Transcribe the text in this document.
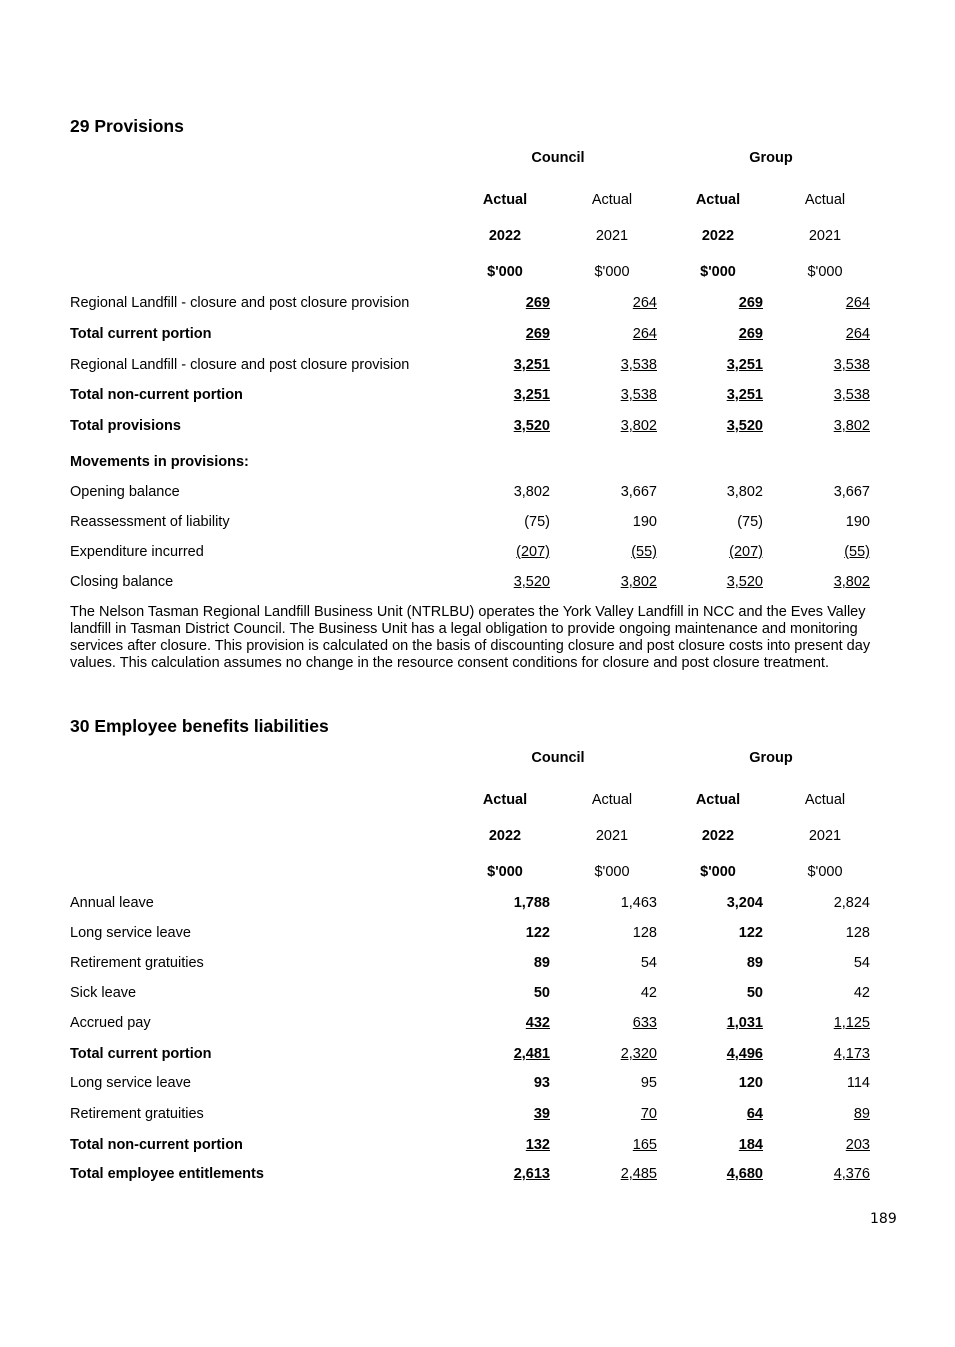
29 Provisions
Council	Group
Actual	Actual	Actual	Actual
2022	2021	2022	2021
$'000	$'000	$'000	$'000
Regional Landfill - closure and post closure provision	269	264	269	264
Total current portion	269	264	269	264
Regional Landfill - closure and post closure provision	3,251	3,538	3,251	3,538
Total non-current portion	3,251	3,538	3,251	3,538
Total provisions	3,520	3,802	3,520	3,802
Movements in provisions:
Opening balance	3,802	3,667	3,802	3,667
Reassessment of liability	(75)	190	(75)	190
Expenditure incurred	(207)	(55)	(207)	(55)
Closing balance	3,520	3,802	3,520	3,802
The Nelson Tasman Regional Landfill Business Unit (NTRLBU) operates the York Valley Landfill in NCC and the Eves Valley landfill in Tasman District Council. The Business Unit has a legal obligation to provide ongoing maintenance and monitoring services after closure. This provision is calculated on the basis of discounting closure and post closure costs into present day values. This calculation assumes no change in the resource consent conditions for closure and post closure treatment.
30 Employee benefits liabilities
Council	Group
Actual	Actual	Actual	Actual
2022	2021	2022	2021
$'000	$'000	$'000	$'000
Annual leave	1,788	1,463	3,204	2,824
Long service leave	122	128	122	128
Retirement gratuities	89	54	89	54
Sick leave	50	42	50	42
Accrued pay	432	633	1,031	1,125
Total current portion	2,481	2,320	4,496	4,173
Long service leave	93	95	120	114
Retirement gratuities	39	70	64	89
Total non-current portion	132	165	184	203
Total employee entitlements	2,613	2,485	4,680	4,376
189
